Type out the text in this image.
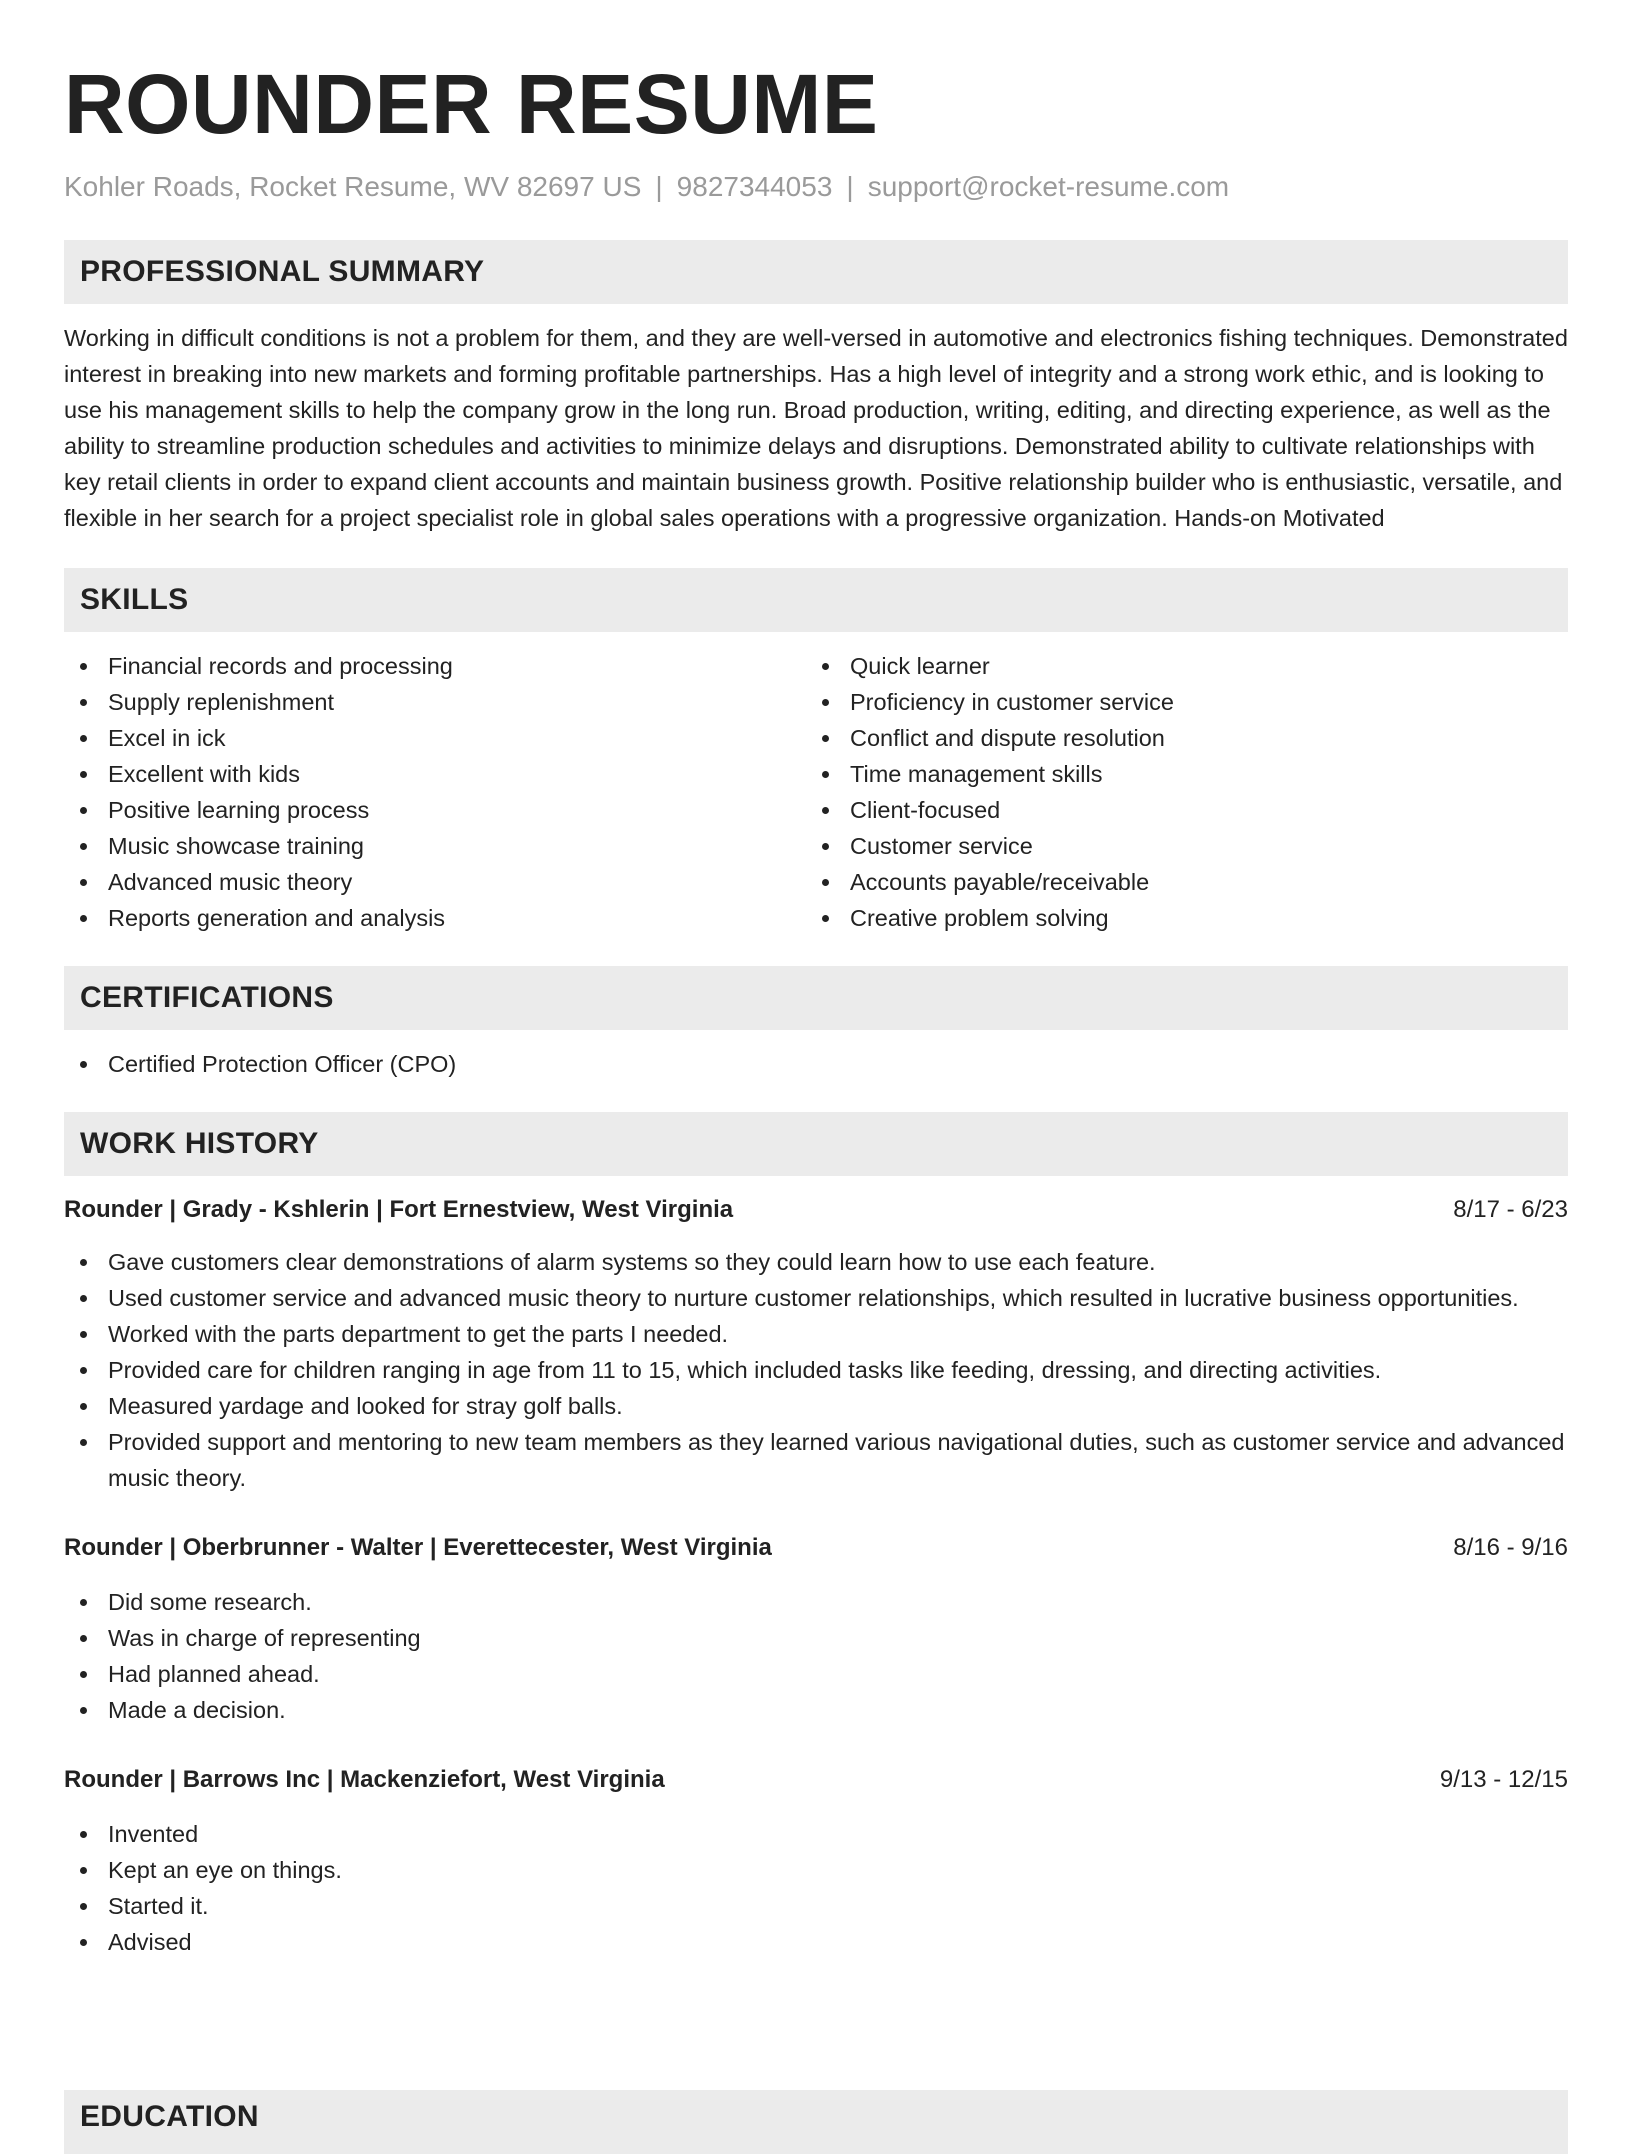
ROUNDER RESUME
Kohler Roads, Rocket Resume, WV 82697 US | 9827344053 | support@rocket-resume.com
PROFESSIONAL SUMMARY

Working in difficult conditions is not a problem for them, and they are well-versed in automotive and electronics fishing techniques. Demonstrated interest in breaking into new markets and forming profitable partnerships. Has a high level of integrity and a strong work ethic, and is looking to use his management skills to help the company grow in the long run. Broad production, writing, editing, and directing experience, as well as the ability to streamline production schedules and activities to minimize delays and disruptions. Demonstrated ability to cultivate relationships with key retail clients in order to expand client accounts and maintain business growth. Positive relationship builder who is enthusiastic, versatile, and flexible in her search for a project specialist role in global sales operations with a progressive organization. Hands-on Motivated

SKILLS
Financial records and processing
Supply replenishment
Excel in ick
Excellent with kids
Positive learning process
Music showcase training
Advanced music theory
Reports generation and analysis
Quick learner
Proficiency in customer service
Conflict and dispute resolution
Time management skills
Client-focused
Customer service
Accounts payable/receivable
Creative problem solving
CERTIFICATIONS
Certified Protection Officer (CPO)
WORK HISTORY
Rounder | Grady - Kshlerin | Fort Ernestview, West Virginia	8/17 - 6/23
Gave customers clear demonstrations of alarm systems so they could learn how to use each feature.
Used customer service and advanced music theory to nurture customer relationships, which resulted in lucrative business opportunities.
Worked with the parts department to get the parts I needed.
Provided care for children ranging in age from 11 to 15, which included tasks like feeding, dressing, and directing activities.
Measured yardage and looked for stray golf balls.
Provided support and mentoring to new team members as they learned various navigational duties, such as customer service and advanced music theory.
Rounder | Oberbrunner - Walter | Everettecester, West Virginia	8/16 - 9/16
Did some research.
Was in charge of representing
Had planned ahead.
Made a decision.
Rounder | Barrows Inc | Mackenziefort, West Virginia	9/13 - 12/15
Invented
Kept an eye on things.
Started it.
Advised
EDUCATION
